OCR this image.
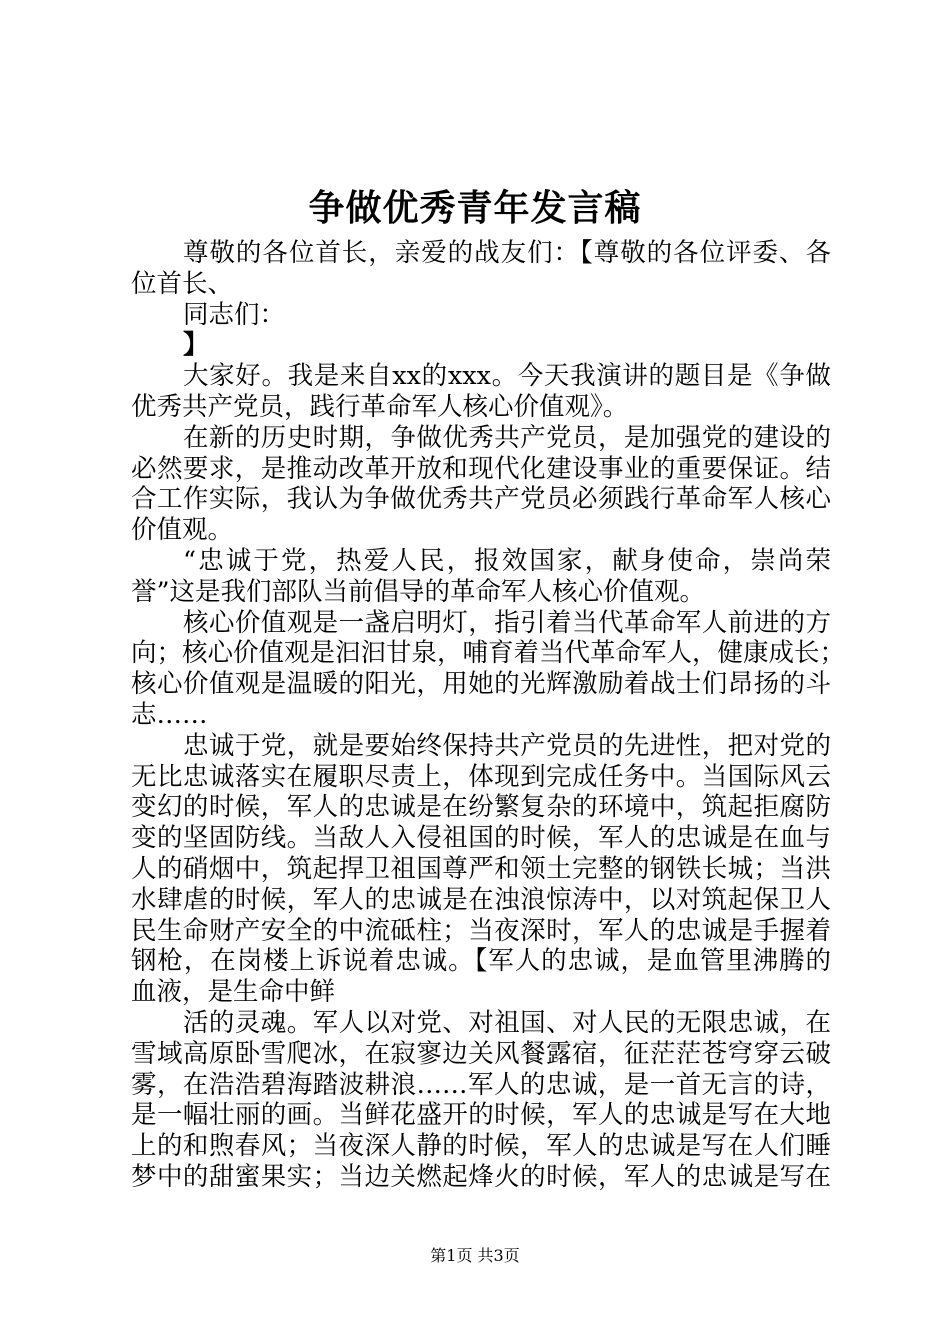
争做优秀青年发言稿
尊敬的各位首长，亲爱的战友们：【尊敬的各位评委、各
位首长、
同志们：
】
大家好。我是来自xx的xxx。今天我演讲的题目是《争做
优秀共产党员，践行革命军人核心价值观》。
在新的历史时期，争做优秀共产党员，是加强党的建设的
必然要求，是推动改革开放和现代化建设事业的重要保证。结
合工作实际，我认为争做优秀共产党员必须践行革命军人核心
价值观。
“忠诚于党，热爱人民，报效国家，献身使命，崇尚荣
誉”这是我们部队当前倡导的革命军人核心价值观。
核心价值观是一盏启明灯，指引着当代革命军人前进的方
向；核心价值观是汩汩甘泉，哺育着当代革命军人，健康成长；
核心价值观是温暖的阳光，用她的光辉激励着战士们昂扬的斗
志……
忠诚于党，就是要始终保持共产党员的先进性，把对党的
无比忠诚落实在履职尽责上，体现到完成任务中。当国际风云
变幻的时候，军人的忠诚是在纷繁复杂的环境中，筑起拒腐防
变的坚固防线。当敌人入侵祖国的时候，军人的忠诚是在血与
人的硝烟中，筑起捍卫祖国尊严和领土完整的钢铁长城；当洪
水肆虐的时候，军人的忠诚是在浊浪惊涛中，以对筑起保卫人
民生命财产安全的中流砥柱；当夜深时，军人的忠诚是手握着
钢枪，在岗楼上诉说着忠诚。【军人的忠诚，是血管里沸腾的
血液，是生命中鲜
活的灵魂。军人以对党、对祖国、对人民的无限忠诚，在
雪域高原卧雪爬冰，在寂寥边关风餐露宿，征茫茫苍穹穿云破
雾，在浩浩碧海踏波耕浪……军人的忠诚，是一首无言的诗，
是一幅壮丽的画。当鲜花盛开的时候，军人的忠诚是写在大地
上的和煦春风；当夜深人静的时候，军人的忠诚是写在人们睡
梦中的甜蜜果实；当边关燃起烽火的时候，军人的忠诚是写在
第1页 共3页
